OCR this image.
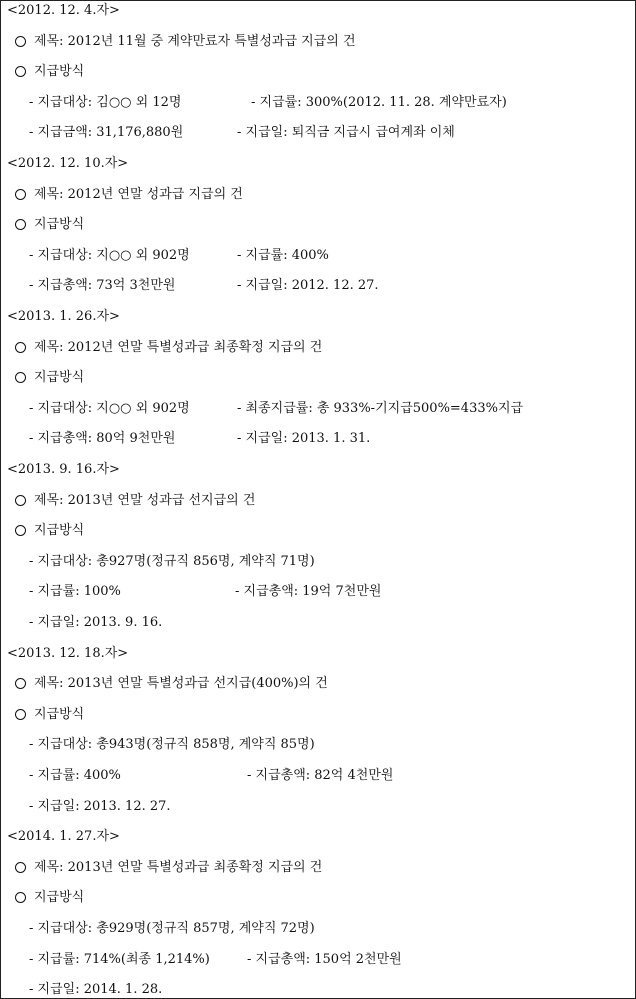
<2012. 12. 4.자>
제목: 2012년 11월 중 계약만료자 특별성과급 지급의 건
지급방식
- 지급대상: 김○○ 외 12명	- 지급률: 300%(2012. 11. 28. 계약만료자)
- 지급금액: 31,176,880원	- 지급일: 퇴직금 지급시 급여계좌 이체
<2012. 12. 10.자>
제목: 2012년 연말 성과급 지급의 건
지급방식
- 지급대상: 지○○ 외 902명	- 지급률: 400%
- 지급총액: 73억 3천만원	- 지급일: 2012. 12. 27.
<2013. 1. 26.자>
제목: 2012년 연말 특별성과급 최종확정 지급의 건
지급방식
- 지급대상: 지○○ 외 902명	- 최종지급률: 총 933%-기지급500%=433%지급
- 지급총액: 80억 9천만원	- 지급일: 2013. 1. 31.
<2013. 9. 16.자>
제목: 2013년 연말 성과급 선지급의 건
지급방식
- 지급대상: 총927명(정규직 856명, 계약직 71명)
- 지급률: 100%	- 지급총액: 19억 7천만원
- 지급일: 2013. 9. 16.
<2013. 12. 18.자>
제목: 2013년 연말 특별성과급 선지급(400%)의 건
지급방식
- 지급대상: 총943명(정규직 858명, 계약직 85명)
- 지급률: 400%	- 지급총액: 82억 4천만원
- 지급일: 2013. 12. 27.
<2014. 1. 27.자>
제목: 2013년 연말 특별성과급 최종확정 지급의 건
지급방식
- 지급대상: 총929명(정규직 857명, 계약직 72명)
- 지급률: 714%(최종 1,214%)	- 지급총액: 150억 2천만원
- 지급일: 2014. 1. 28.
